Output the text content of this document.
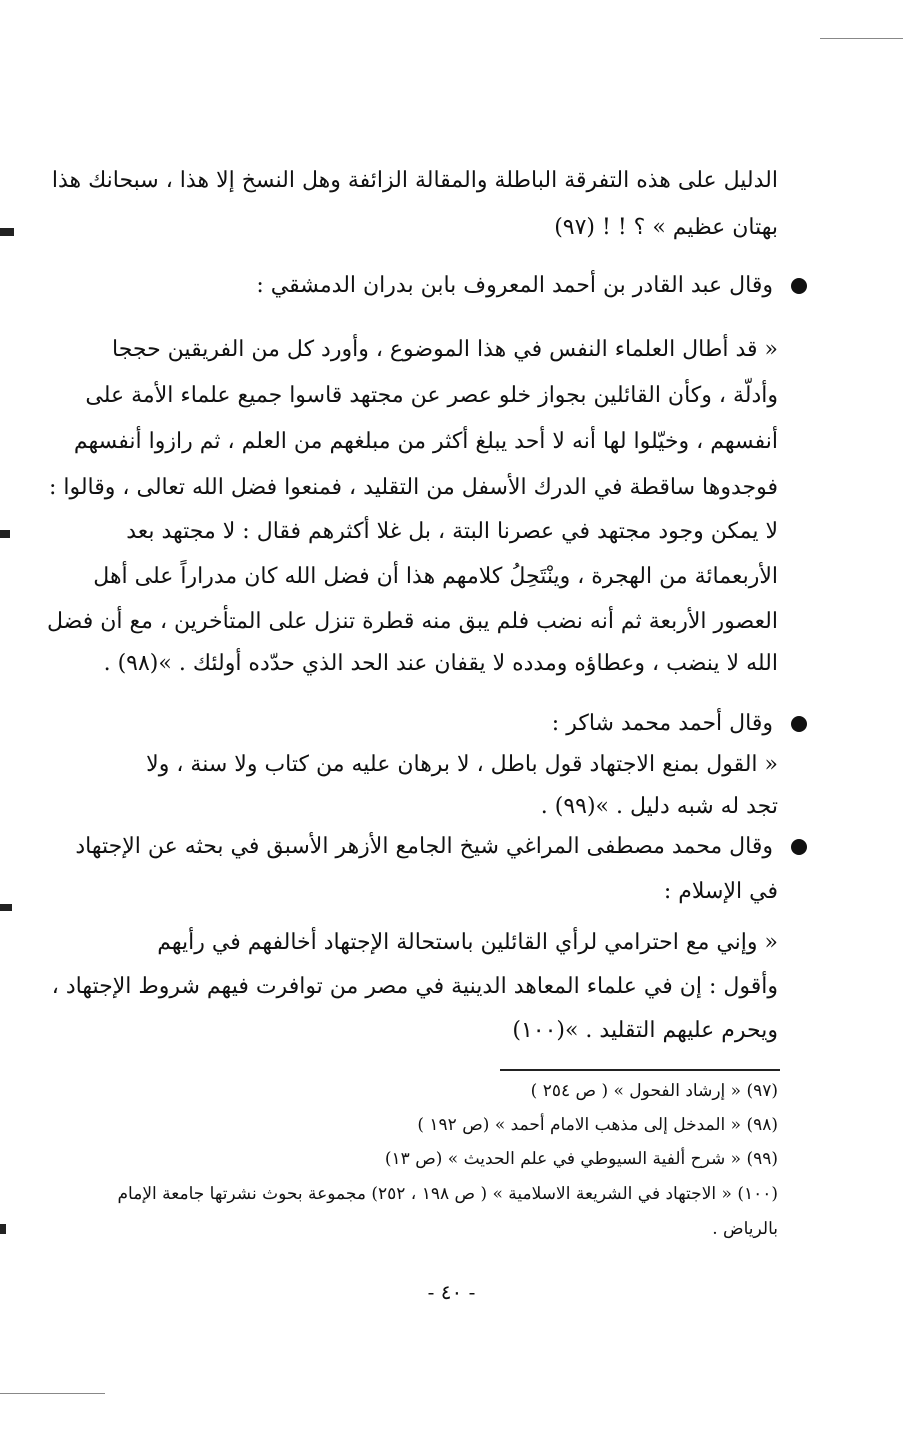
الدليل على هذه التفرقة الباطلة والمقالة الزائفة وهل النسخ إلا هذا ، سبحانك هذا
بهتان عظيم » ؟ ! ! (٩٧)
وقال عبد القادر بن أحمد المعروف بابن بدران الدمشقي :
« قد أطال العلماء النفس في هذا الموضوع ، وأورد كل من الفريقين حججا
وأدلّة ، وكأن القائلين بجواز خلو عصر عن مجتهد قاسوا جميع علماء الأمة على
أنفسهم ، وخيّلوا لها أنه لا أحد يبلغ أكثر من مبلغهم من العلم ، ثم رازوا أنفسهم
فوجدوها ساقطة في الدرك الأسفل من التقليد ، فمنعوا فضل الله تعالى ، وقالوا :
لا يمكن وجود مجتهد في عصرنا البتة ، بل غلا أكثرهم فقال : لا مجتهد بعد
الأربعمائة من الهجرة ، وينْتَحِلُ كلامهم هذا أن فضل الله كان مدراراً على أهل
العصور الأربعة ثم أنه نضب فلم يبق منه قطرة تنزل على المتأخرين ، مع أن فضل
الله لا ينضب ، وعطاؤه ومدده لا يقفان عند الحد الذي حدّده أولئك . »(٩٨) .
وقال أحمد محمد شاكر :
« القول بمنع الاجتهاد قول باطل ، لا برهان عليه من كتاب ولا سنة ، ولا
تجد له شبه دليل . »(٩٩) .
وقال محمد مصطفى المراغي شيخ الجامع الأزهر الأسبق في بحثه عن الإجتهاد
في الإسلام :
« وإني مع احترامي لرأي القائلين باستحالة الإجتهاد أخالفهم في رأيهم
وأقول : إن في علماء المعاهد الدينية في مصر من توافرت فيهم شروط الإجتهاد ،
ويحرم عليهم التقليد . »(١٠٠)
(٩٧) « إرشاد الفحول » ( ص ٢٥٤ )
(٩٨) « المدخل إلى مذهب الامام أحمد » (ص ١٩٢ )
(٩٩) « شرح ألفية السيوطي في علم الحديث » (ص ١٣)
(١٠٠) « الاجتهاد في الشريعة الاسلامية » ( ص ١٩٨ ، ٢٥٢) مجموعة بحوث نشرتها جامعة الإمام
بالرياض .
- ٤٠ -
